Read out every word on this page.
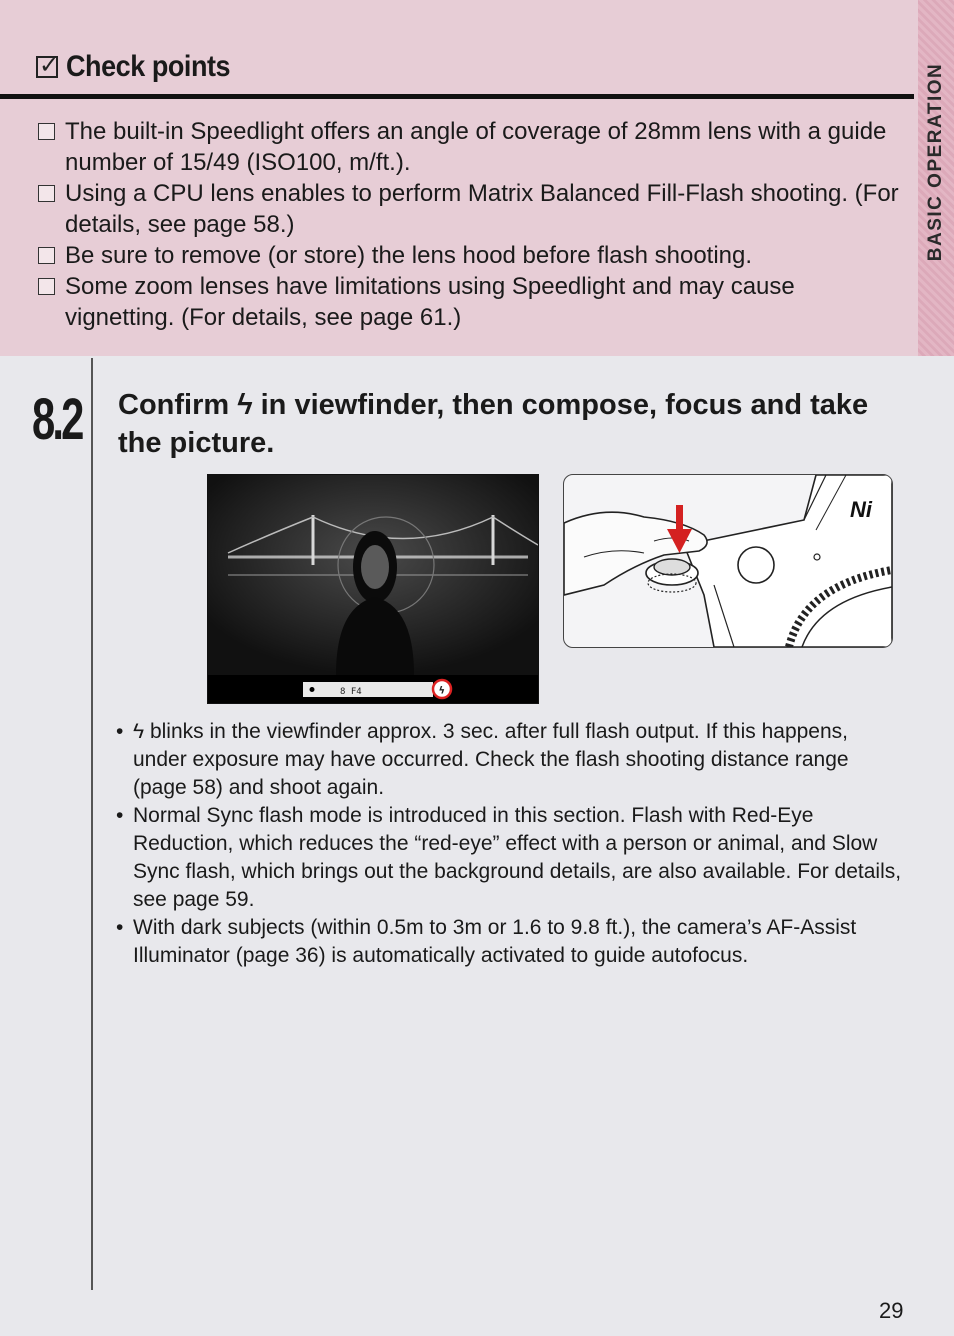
BASIC OPERATION
✓
Check points
The built-in Speedlight offers an angle of coverage of 28mm lens with a guide number of 15/49 (ISO100, m/ft.).
Using a CPU lens enables to perform Matrix Balanced Fill-Flash shooting. (For details, see page 58.)
Be sure to remove (or store) the lens hood before flash shooting.
Some zoom lenses have limitations using Speedlight and may cause vignetting. (For details, see page 61.)
8.2 Confirm ϟ in viewfinder, then compose, focus and take the picture.
8 F4	ϟ
Ni
• ϟ blinks in the viewfinder approx. 3 sec. after full flash output. If this happens, under exposure may have occurred. Check the flash shooting distance range (page 58) and shoot again.
• Normal Sync flash mode is introduced in this section. Flash with Red-Eye Reduction, which reduces the “red-eye” effect with a person or animal, and Slow Sync flash, which brings out the background details, are also available. For details, see page 59.
• With dark subjects (within 0.5m to 3m or 1.6 to 9.8 ft.), the camera’s AF-Assist Illuminator (page 36) is automatically activated to guide autofocus.
29
